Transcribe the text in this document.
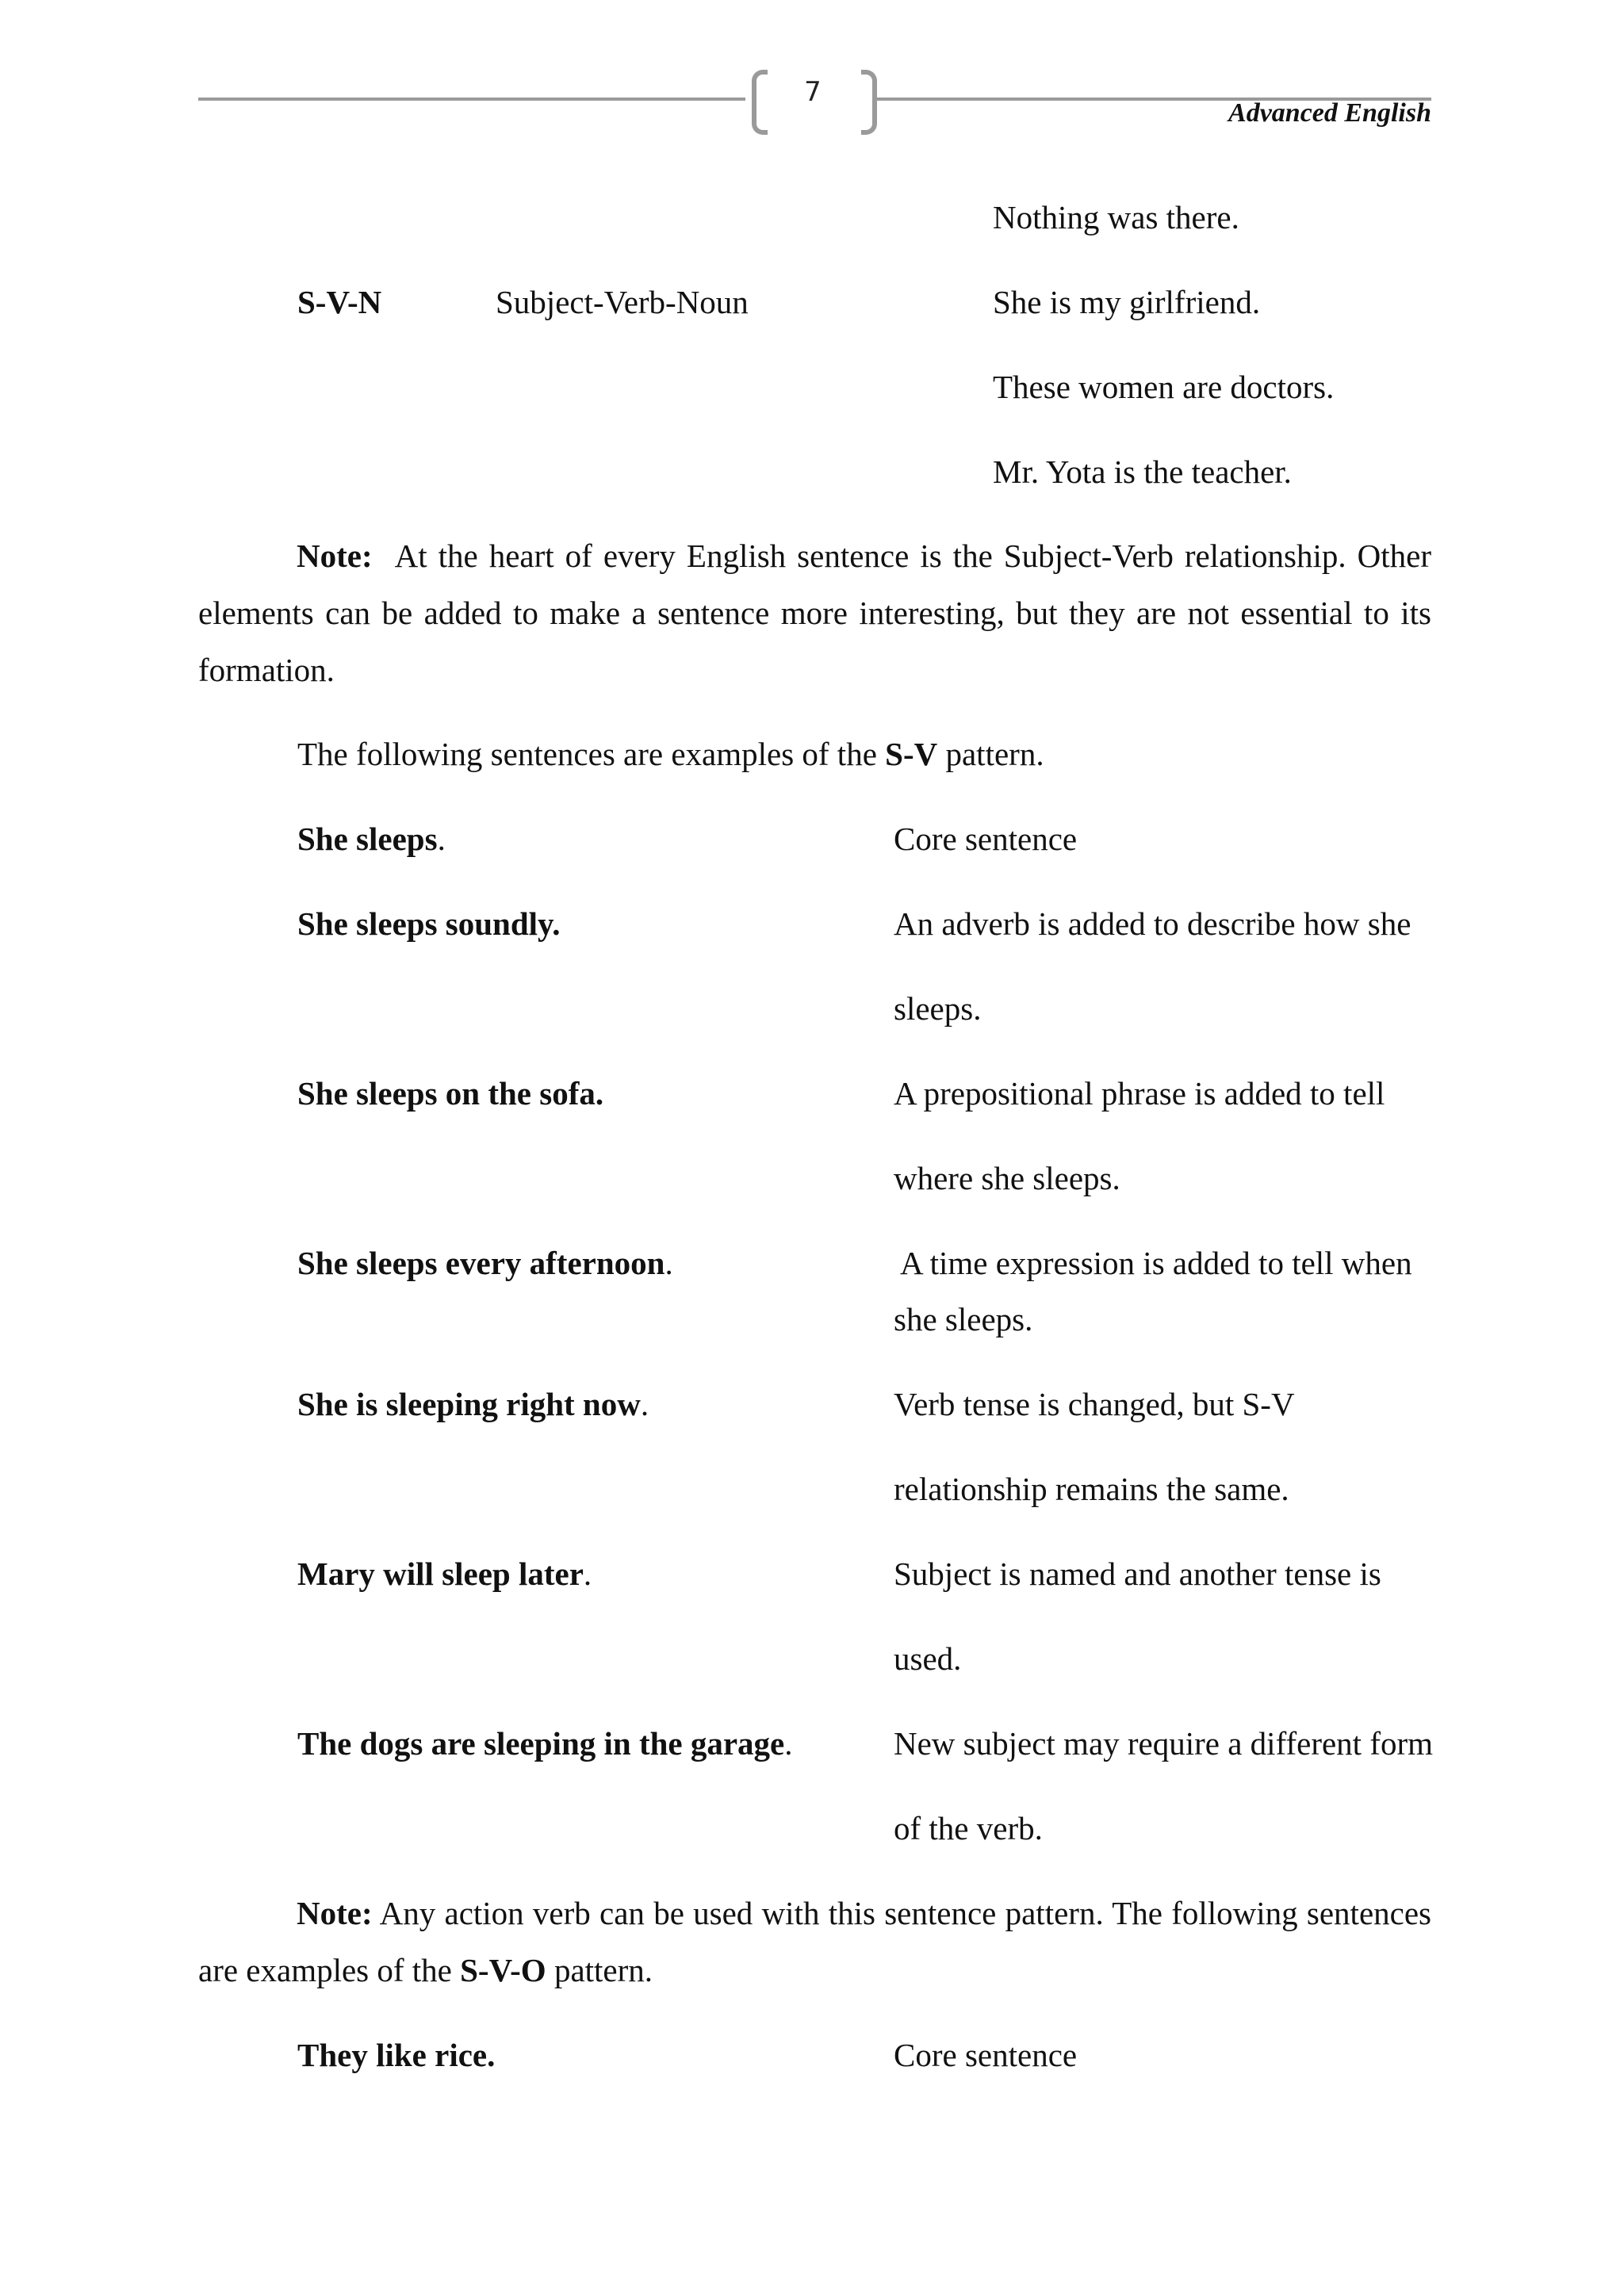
7
Advanced English
Nothing was there.
S-V-N	Subject-Verb-Noun	She is my girlfriend.
These women are doctors.
Mr. Yota is the teacher.
Note: At the heart of every English sentence is the Subject-Verb relationship. Other elements can be added to make a sentence more interesting, but they are not essential to its formation.
The following sentences are examples of the S-V pattern.
She sleeps.	Core sentence
She sleeps soundly.	An adverb is added to describe how she
sleeps.
She sleeps on the sofa.	A prepositional phrase is added to tell
where she sleeps.
She sleeps every afternoon.	A time expression is added to tell when
she sleeps.
She is sleeping right now.	Verb tense is changed, but S-V
relationship remains the same.
Mary will sleep later.	Subject is named and another tense is
used.
The dogs are sleeping in the garage.	New subject may require a different form
of the verb.
Note: Any action verb can be used with this sentence pattern. The following sentences are examples of the S-V-O pattern.
They like rice.	Core sentence
